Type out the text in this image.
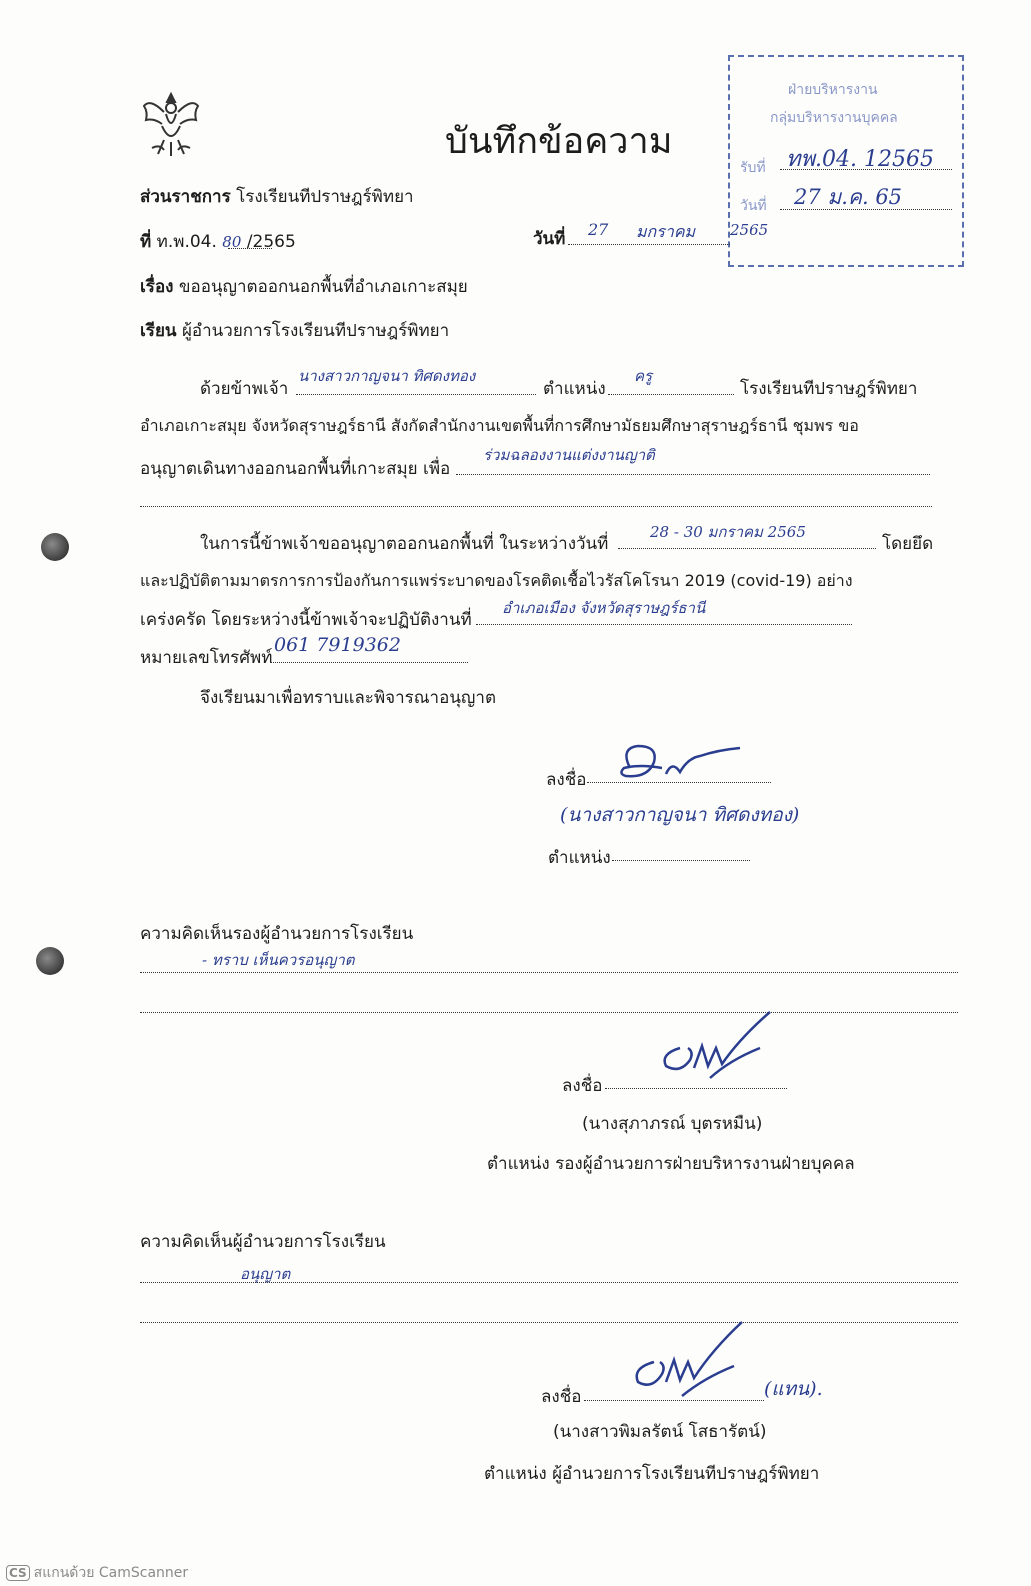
บันทึกข้อความ
ฝ่ายบริหารงาน
กลุ่มบริหารงานบุคคล
รับที่ ทพ.04. 12565
วันที่ 27 ม.ค. 65
2565
ส่วนราชการ โรงเรียนทีปราษฎร์พิทยา
ที่ ท.พ.04. 80 /2565	วันที่ 27 มกราคม
เรื่อง ขออนุญาตออกนอกพื้นที่อำเภอเกาะสมุย
เรียน ผู้อำนวยการโรงเรียนทีปราษฎร์พิทยา
ด้วยข้าพเจ้า
นางสาวกาญจนา ทิศดงทอง
ตำแหน่ง
ครู
โรงเรียนทีปราษฎร์พิทยา
อำเภอเกาะสมุย จังหวัดสุราษฎร์ธานี สังกัดสำนักงานเขตพื้นที่การศึกษามัธยมศึกษาสุราษฎร์ธานี ชุมพร ขอ
อนุญาตเดินทางออกนอกพื้นที่เกาะสมุย เพื่อ
ร่วมฉลองงานแต่งงานญาติ
ในการนี้ข้าพเจ้าขออนุญาตออกนอกพื้นที่ ในระหว่างวันที่
28 - 30 มกราคม 2565
โดยยึด
และปฏิบัติตามมาตรการการป้องกันการแพร่ระบาดของโรคติดเชื้อไวรัสโคโรนา 2019 (covid-19) อย่าง
เคร่งครัด โดยระหว่างนี้ข้าพเจ้าจะปฏิบัติงานที่
อำเภอเมือง จังหวัดสุราษฎร์ธานี
หมายเลขโทรศัพท์
061 7919362
จึงเรียนมาเพื่อทราบและพิจารณาอนุญาต
ลงชื่อ
(นางสาวกาญจนา ทิศดงทอง)
ตำแหน่ง
ความคิดเห็นรองผู้อำนวยการโรงเรียน
- ทราบ เห็นควรอนุญาต
ลงชื่อ
(นางสุภาภรณ์ บุตรหมืน)
ตำแหน่ง รองผู้อำนวยการฝ่ายบริหารงานฝ่ายบุคคล
ความคิดเห็นผู้อำนวยการโรงเรียน
อนุญาต
ลงชื่อ	(แทน).
(นางสาวพิมลรัตน์ โสธารัตน์)
ตำแหน่ง ผู้อำนวยการโรงเรียนทีปราษฎร์พิทยา
CS สแกนด้วย CamScanner
